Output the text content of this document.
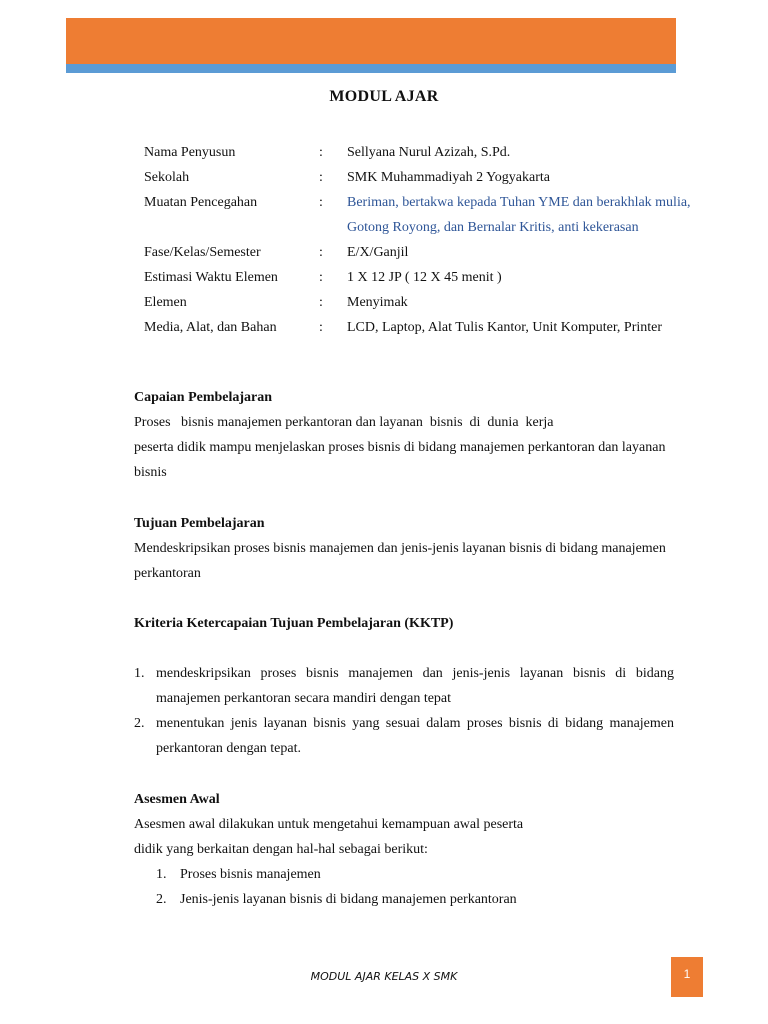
MODUL AJAR
Nama Penyusun	:	Sellyana Nurul Azizah, S.Pd.
Sekolah	:	SMK Muhammadiyah 2 Yogyakarta
Muatan Pencegahan	:	Beriman, bertakwa kepada Tuhan YME dan berakhlak mulia,
Gotong Royong, dan Bernalar Kritis, anti kekerasan
Fase/Kelas/Semester	:	E/X/Ganjil
Estimasi Waktu Elemen	:	1 X 12 JP ( 12 X 45 menit )
Elemen	:	Menyimak
Media, Alat, dan Bahan	:	LCD, Laptop, Alat Tulis Kantor, Unit Komputer, Printer
Capaian Pembelajaran
Proses   bisnis manajemen perkantoran dan layanan  bisnis  di  dunia  kerja
peserta didik mampu menjelaskan proses bisnis di bidang manajemen perkantoran dan layanan bisnis
Tujuan Pembelajaran
Mendeskripsikan proses bisnis manajemen dan jenis-jenis layanan bisnis di bidang manajemen perkantoran
Kriteria Ketercapaian Tujuan Pembelajaran (KKTP)
1. mendeskripsikan proses bisnis manajemen dan jenis-jenis layanan bisnis di bidang manajemen perkantoran secara mandiri dengan tepat
2. menentukan jenis layanan bisnis yang sesuai dalam proses bisnis di bidang manajemen perkantoran dengan tepat.
Asesmen Awal
Asesmen awal dilakukan untuk mengetahui kemampuan awal peserta
didik yang berkaitan dengan hal-hal sebagai berikut:
1. Proses bisnis manajemen
2. Jenis-jenis layanan bisnis di bidang manajemen perkantoran
MODUL AJAR KELAS X SMK	1
